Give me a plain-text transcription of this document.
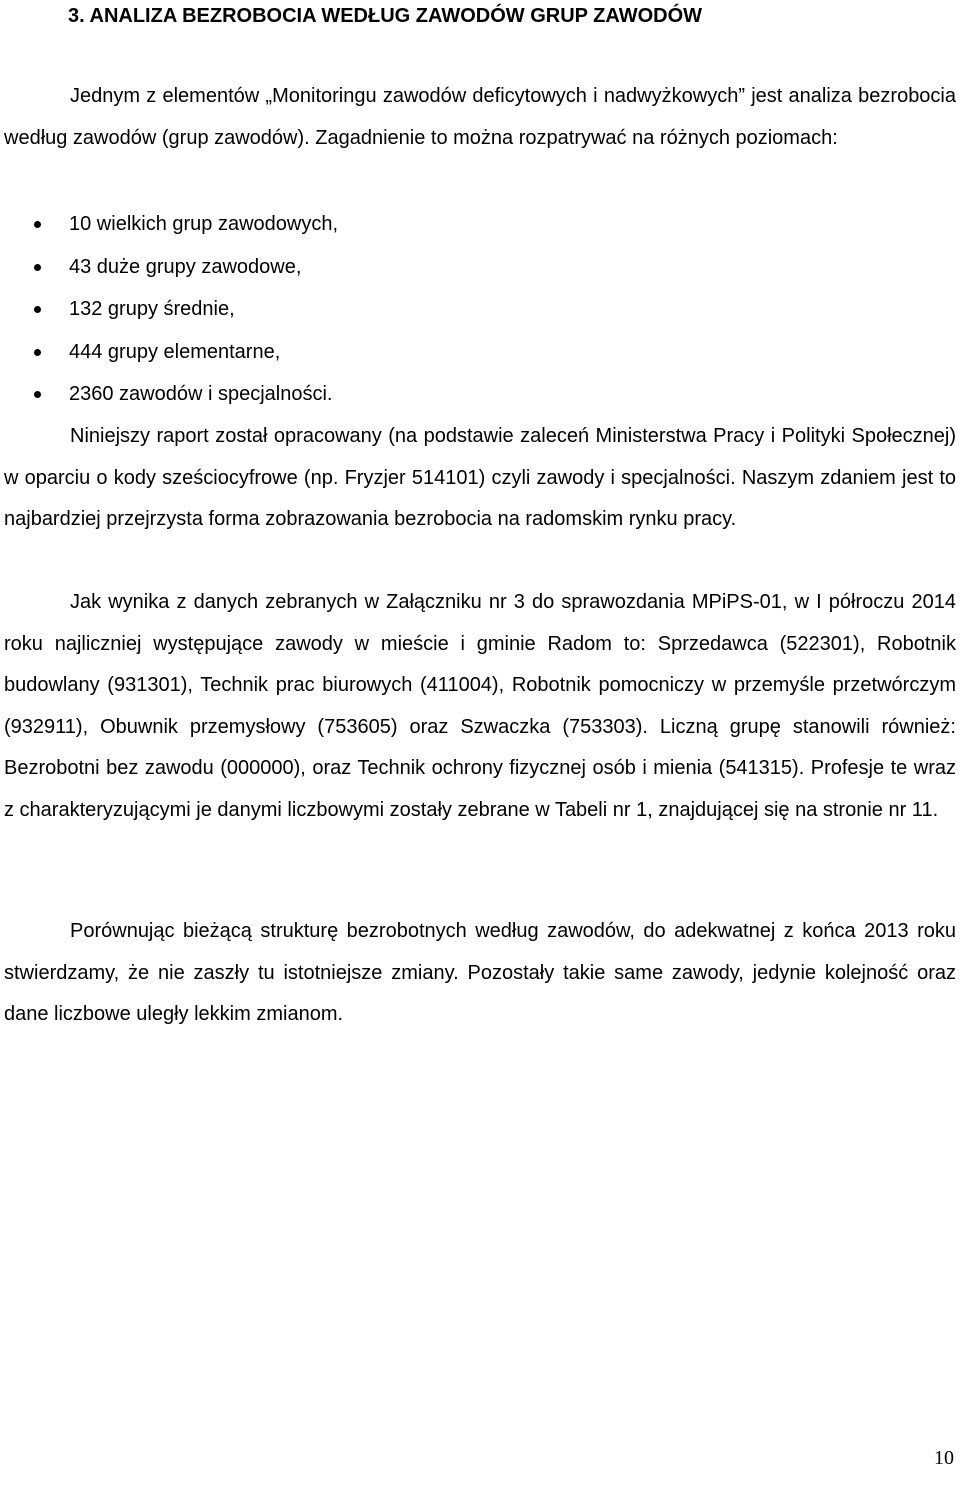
3. ANALIZA BEZROBOCIA WEDŁUG ZAWODÓW GRUP ZAWODÓW

Jednym z elementów „Monitoringu zawodów deficytowych i nadwyżkowych” jest analiza bezrobocia według zawodów (grup zawodów). Zagadnienie to można rozpatrywać na różnych poziomach:

10 wielkich grup zawodowych,
43 duże grupy zawodowe,
132 grupy średnie,
444 grupy elementarne,
2360 zawodów i specjalności.

Niniejszy raport został opracowany (na podstawie zaleceń Ministerstwa Pracy i Polityki Społecznej) w oparciu o kody sześciocyfrowe (np. Fryzjer 514101) czyli zawody i specjalności. Naszym zdaniem jest to najbardziej przejrzysta forma zobrazowania bezrobocia na radomskim rynku pracy.

Jak wynika z danych zebranych w Załączniku nr 3 do sprawozdania MPiPS-01, w I półroczu 2014 roku najliczniej występujące zawody w mieście i gminie Radom to: Sprzedawca (522301), Robotnik budowlany (931301), Technik prac biurowych (411004), Robotnik pomocniczy w przemyśle przetwórczym (932911), Obuwnik przemysłowy (753605) oraz Szwaczka (753303). Liczną grupę stanowili również: Bezrobotni bez zawodu (000000), oraz Technik ochrony fizycznej osób i mienia (541315). Profesje te wraz z charakteryzującymi je danymi liczbowymi zostały zebrane w Tabeli nr 1, znajdującej się na stronie nr 11.

Porównując bieżącą strukturę bezrobotnych według zawodów, do adekwatnej z końca 2013 roku stwierdzamy, że nie zaszły tu istotniejsze zmiany. Pozostały takie same zawody, jedynie kolejność oraz dane liczbowe uległy lekkim zmianom.

10
